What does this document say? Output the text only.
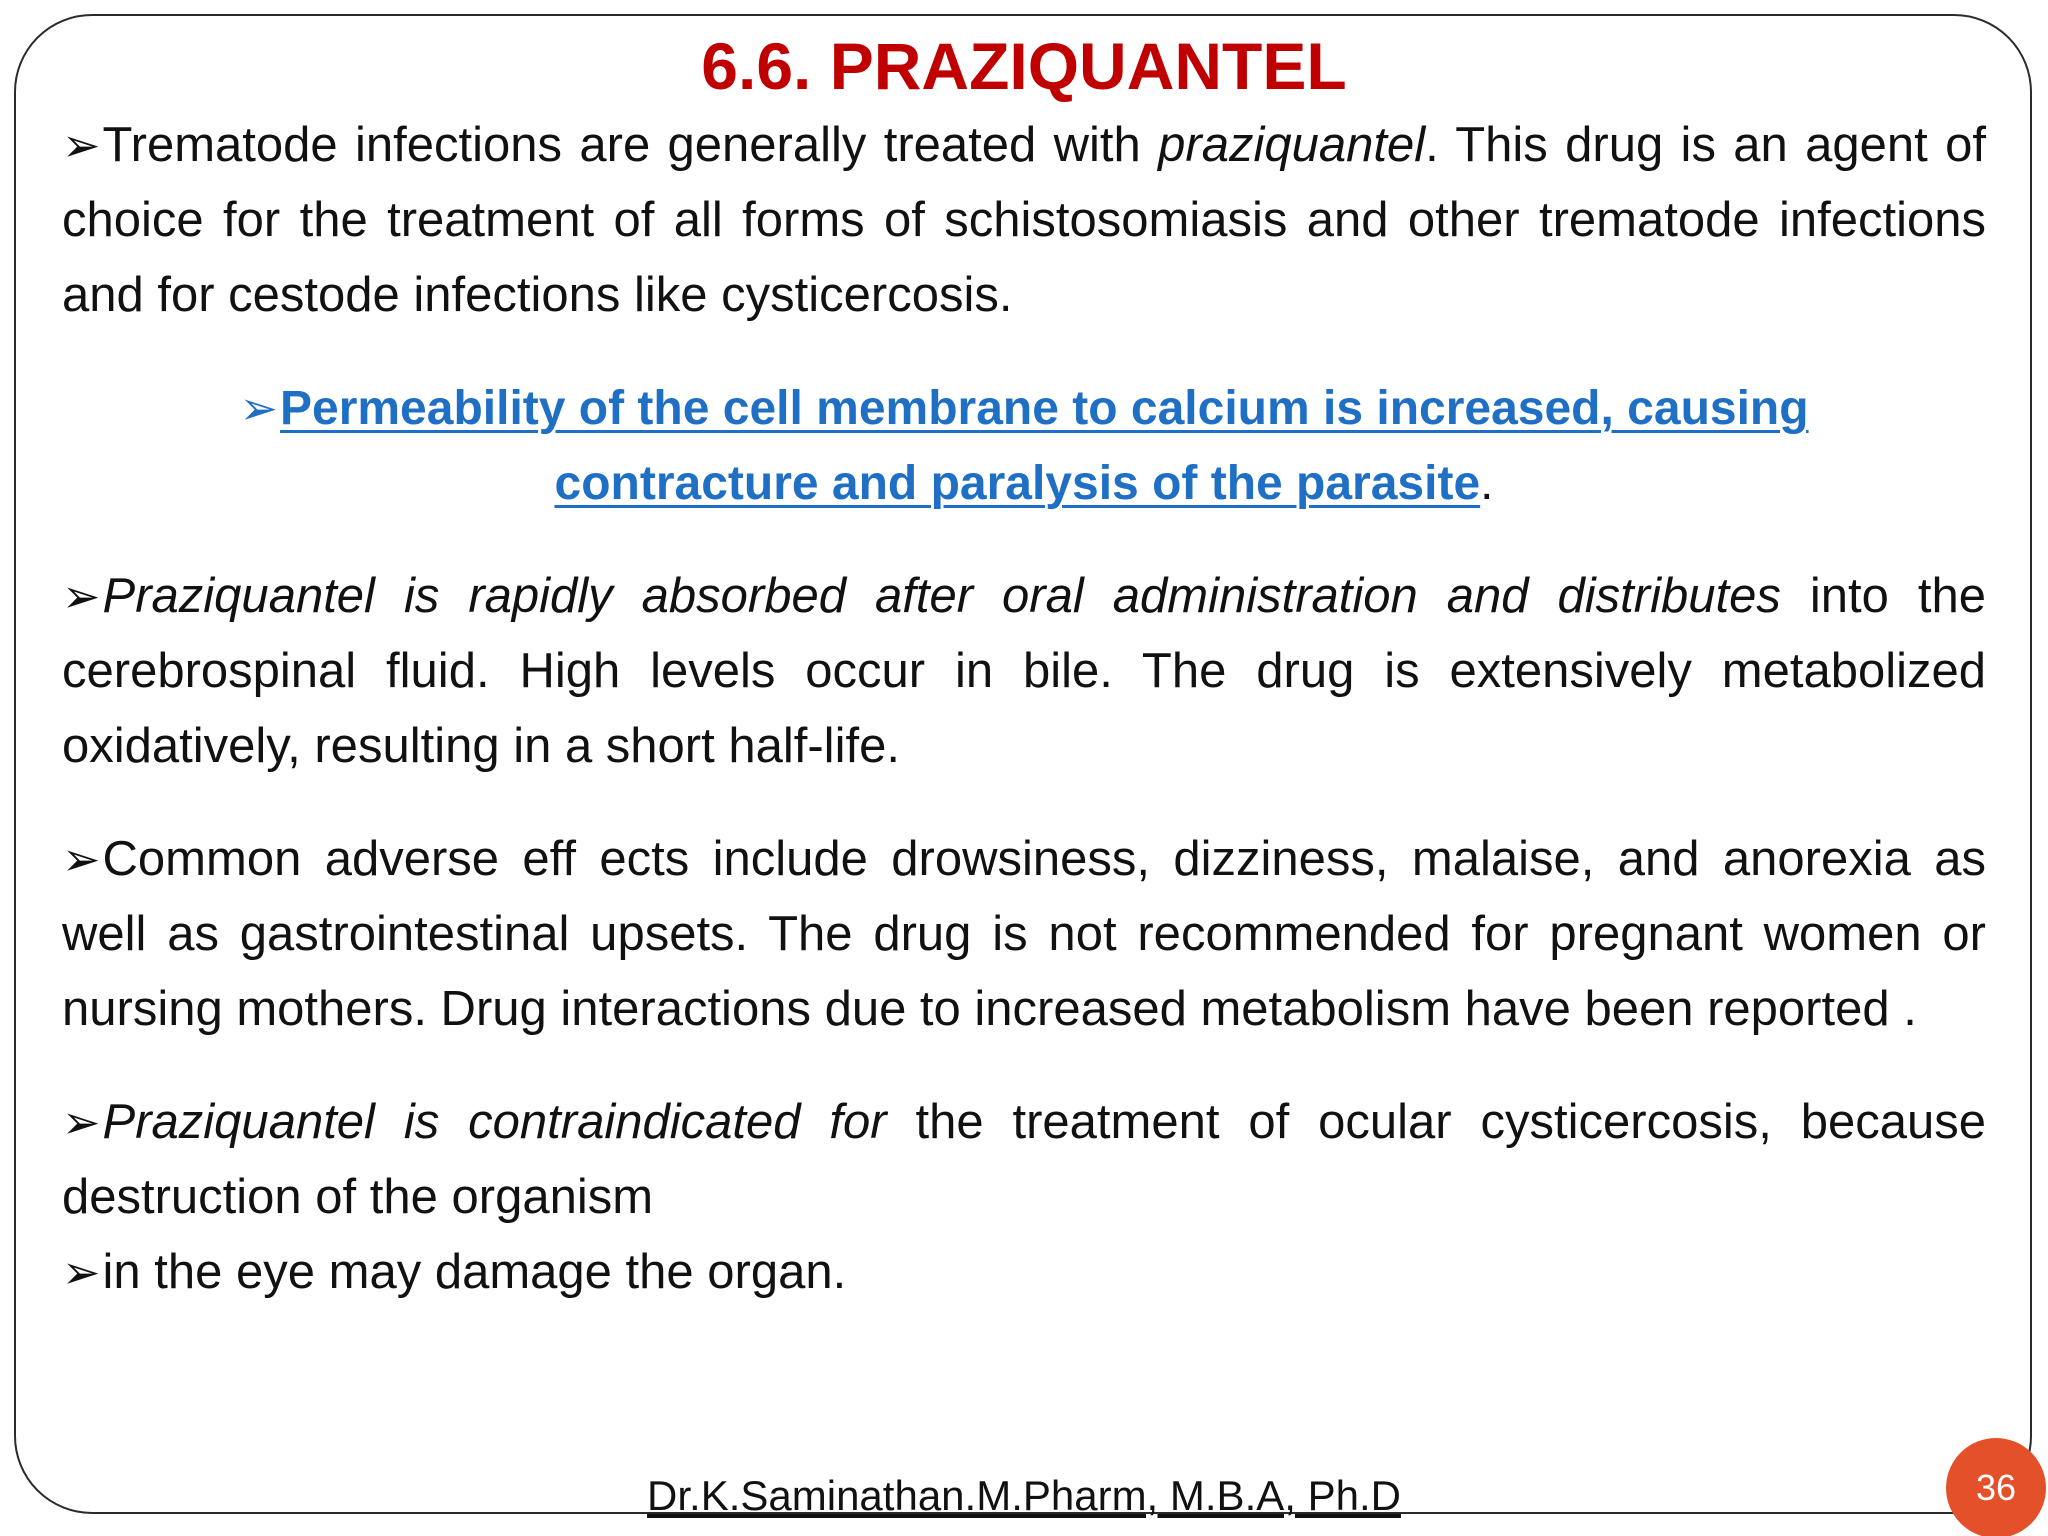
6.6. PRAZIQUANTEL

➢Trematode infections are generally treated with praziquantel. This drug is an agent of choice for the treatment of all forms of schistosomiasis and other trematode infections and for cestode infections like cysticercosis.

➢Permeability of the cell membrane to calcium is increased, causing contracture and paralysis of the parasite.

➢Praziquantel is rapidly absorbed after oral administration and distributes into the cerebrospinal fluid. High levels occur in bile. The drug is extensively metabolized oxidatively, resulting in a short half-life.

➢Common adverse eff ects include drowsiness, dizziness, malaise, and anorexia as well as gastrointestinal upsets. The drug is not recommended for pregnant women or nursing mothers. Drug interactions due to increased metabolism have been reported .

➢Praziquantel is contraindicated for the treatment of ocular cysticercosis, because destruction of the organism

➢in the eye may damage the organ.

Dr.K.Saminathan.M.Pharm, M.B.A, Ph.D	36
